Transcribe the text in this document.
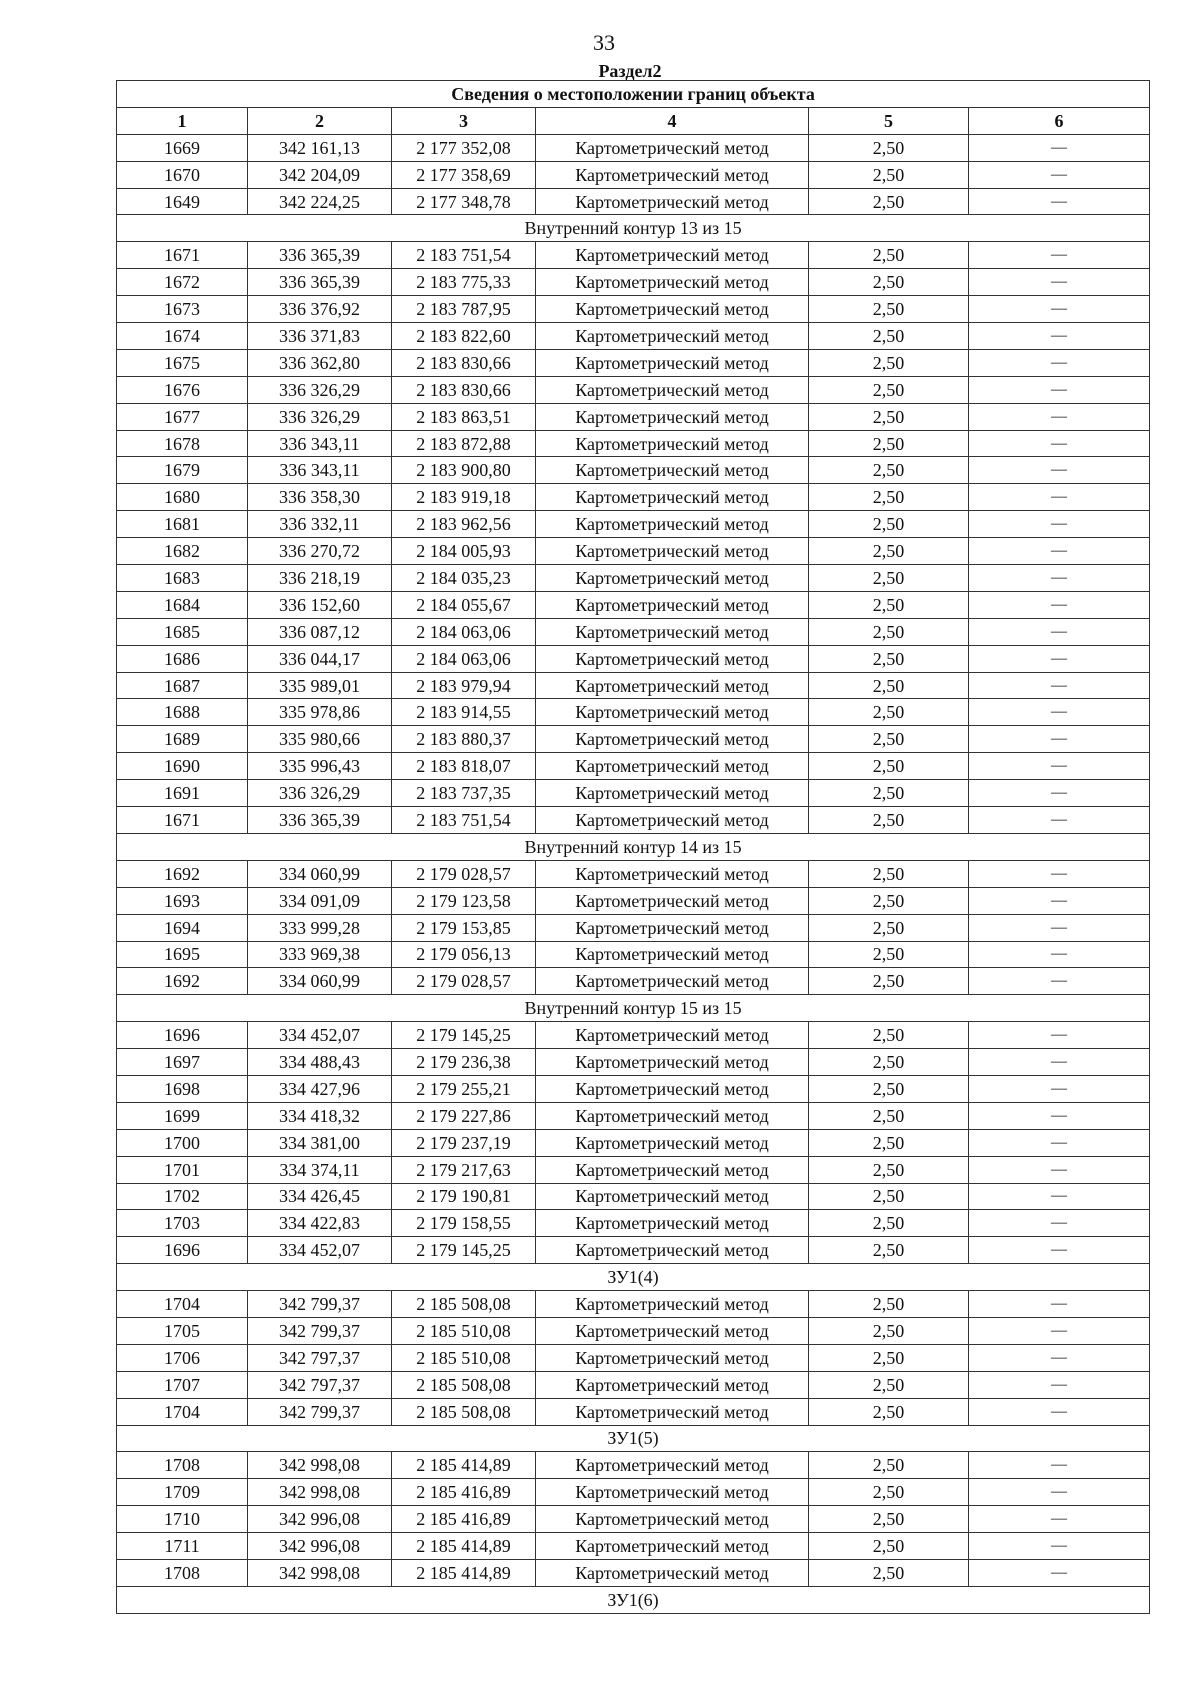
33
Раздел2
Сведения о местоположении границ объекта					
1	2	3	4	5	6
1669	342 161,13	2 177 352,08	Картометрический метод	2,50	—
1670	342 204,09	2 177 358,69	Картометрический метод	2,50	—
1649	342 224,25	2 177 348,78	Картометрический метод	2,50	—
Внутренний контур 13 из 15					
1671	336 365,39	2 183 751,54	Картометрический метод	2,50	—
1672	336 365,39	2 183 775,33	Картометрический метод	2,50	—
1673	336 376,92	2 183 787,95	Картометрический метод	2,50	—
1674	336 371,83	2 183 822,60	Картометрический метод	2,50	—
1675	336 362,80	2 183 830,66	Картометрический метод	2,50	—
1676	336 326,29	2 183 830,66	Картометрический метод	2,50	—
1677	336 326,29	2 183 863,51	Картометрический метод	2,50	—
1678	336 343,11	2 183 872,88	Картометрический метод	2,50	—
1679	336 343,11	2 183 900,80	Картометрический метод	2,50	—
1680	336 358,30	2 183 919,18	Картометрический метод	2,50	—
1681	336 332,11	2 183 962,56	Картометрический метод	2,50	—
1682	336 270,72	2 184 005,93	Картометрический метод	2,50	—
1683	336 218,19	2 184 035,23	Картометрический метод	2,50	—
1684	336 152,60	2 184 055,67	Картометрический метод	2,50	—
1685	336 087,12	2 184 063,06	Картометрический метод	2,50	—
1686	336 044,17	2 184 063,06	Картометрический метод	2,50	—
1687	335 989,01	2 183 979,94	Картометрический метод	2,50	—
1688	335 978,86	2 183 914,55	Картометрический метод	2,50	—
1689	335 980,66	2 183 880,37	Картометрический метод	2,50	—
1690	335 996,43	2 183 818,07	Картометрический метод	2,50	—
1691	336 326,29	2 183 737,35	Картометрический метод	2,50	—
1671	336 365,39	2 183 751,54	Картометрический метод	2,50	—
Внутренний контур 14 из 15					
1692	334 060,99	2 179 028,57	Картометрический метод	2,50	—
1693	334 091,09	2 179 123,58	Картометрический метод	2,50	—
1694	333 999,28	2 179 153,85	Картометрический метод	2,50	—
1695	333 969,38	2 179 056,13	Картометрический метод	2,50	—
1692	334 060,99	2 179 028,57	Картометрический метод	2,50	—
Внутренний контур 15 из 15					
1696	334 452,07	2 179 145,25	Картометрический метод	2,50	—
1697	334 488,43	2 179 236,38	Картометрический метод	2,50	—
1698	334 427,96	2 179 255,21	Картометрический метод	2,50	—
1699	334 418,32	2 179 227,86	Картометрический метод	2,50	—
1700	334 381,00	2 179 237,19	Картометрический метод	2,50	—
1701	334 374,11	2 179 217,63	Картометрический метод	2,50	—
1702	334 426,45	2 179 190,81	Картометрический метод	2,50	—
1703	334 422,83	2 179 158,55	Картометрический метод	2,50	—
1696	334 452,07	2 179 145,25	Картометрический метод	2,50	—
ЗУ1(4)					
1704	342 799,37	2 185 508,08	Картометрический метод	2,50	—
1705	342 799,37	2 185 510,08	Картометрический метод	2,50	—
1706	342 797,37	2 185 510,08	Картометрический метод	2,50	—
1707	342 797,37	2 185 508,08	Картометрический метод	2,50	—
1704	342 799,37	2 185 508,08	Картометрический метод	2,50	—
ЗУ1(5)					
1708	342 998,08	2 185 414,89	Картометрический метод	2,50	—
1709	342 998,08	2 185 416,89	Картометрический метод	2,50	—
1710	342 996,08	2 185 416,89	Картометрический метод	2,50	—
1711	342 996,08	2 185 414,89	Картометрический метод	2,50	—
1708	342 998,08	2 185 414,89	Картометрический метод	2,50	—
ЗУ1(6)					
